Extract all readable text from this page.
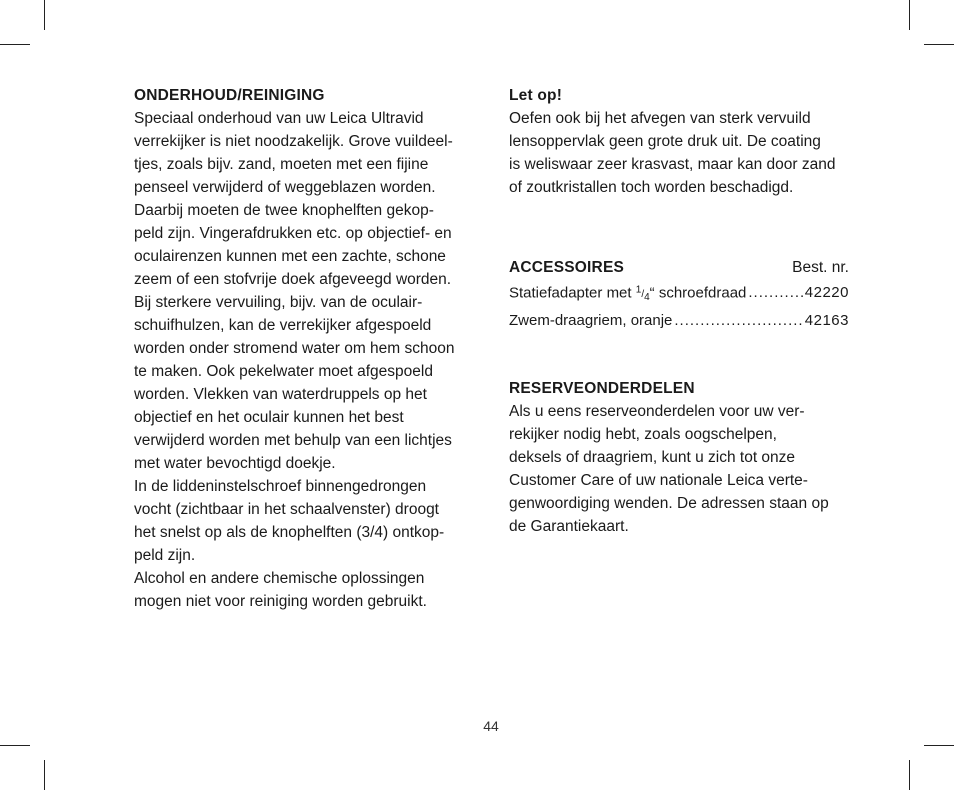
ONDERHOUD/REINIGING

Speciaal onderhoud van uw Leica Ultravid

verrekijker is niet noodzakelijk. Grove vuildeel-

tjes, zoals bijv. zand, moeten met een fijine

penseel verwijderd of weggeblazen worden.

Daarbij moeten de twee knophelften gekop-

peld zijn. Vingerafdrukken etc. op objectief- en

oculairenzen kunnen met een zachte, schone

zeem of een stofvrije doek afgeveegd worden.

Bij sterkere vervuiling, bijv. van de oculair-

schuifhulzen, kan de verrekijker afgespoeld

worden onder stromend water om hem schoon

te maken. Ook pekelwater moet afgespoeld

worden. Vlekken van waterdruppels op het

objectief en het oculair kunnen het best

verwijderd worden met behulp van een lichtjes

met water bevochtigd doekje.

In de liddeninstelschroef binnengedrongen

vocht (zichtbaar in het schaalvenster) droogt

het snelst op als de knophelften (3/4) ontkop-

peld zijn.

Alcohol en andere chemische oplossingen

mogen niet voor reiniging worden gebruikt.

Let op!

Oefen ook bij het afvegen van sterk vervuild

lensoppervlak geen grote druk uit. De coating

is weliswaar zeer krasvast, maar kan door zand

of zoutkristallen toch worden beschadigd.

ACCESSOIRES	Best. nr.
Statiefadapter met $^1/_4“$ schroefdraad .....	42220
Zwem-draagriem, oranje .....	42163
RESERVEONDERDELEN

Als u eens reserveonderdelen voor uw ver-

rekijker nodig hebt, zoals oogschelpen,

deksels of draagriem, kunt u zich tot onze

Customer Care of uw nationale Leica verte-

genwoordiging wenden. De adressen staan op

de Garantiekaart.

44
